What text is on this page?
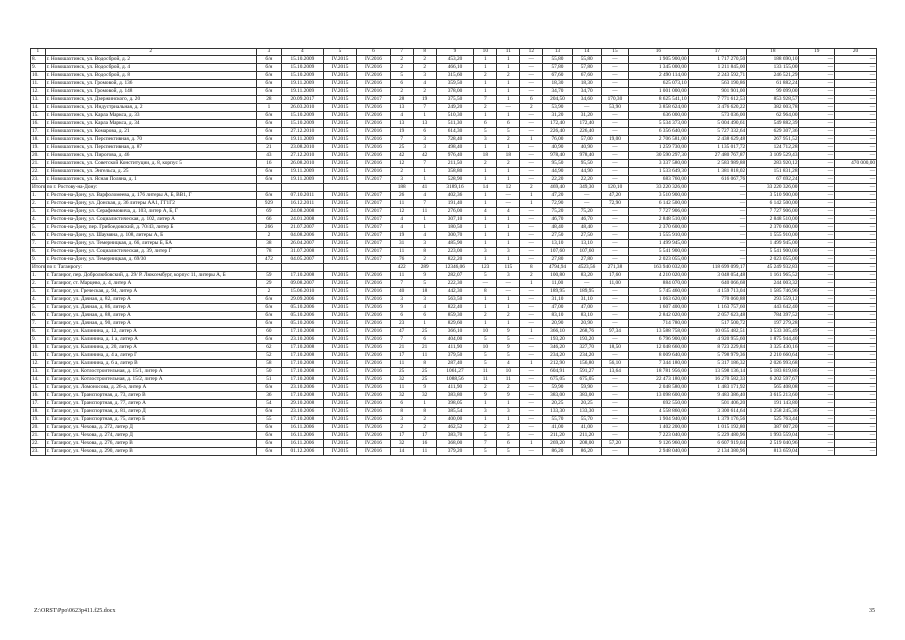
1	2	3	4	5	6	7	8	9	10	11	12	13	14	15	16	17	18	19	20
8.	г. Новошахтинск, ул. Водосброй, д. 2	б/н	15.10.2009	IV.2015	IV.2016	2	2	453,20	1	1	—	55,80	55,80	—	1 905 900,00	1 717 270,50	188 690,10	—	—
9.	г. Новошахтинск, ул. Водосброй, д. 4	б/н	15.10.2009	IV.2015	IV.2016	2	2	466,10	1	1	—	57,80	57,80	—	1 345 000,00	1 211 845,00	133 155,00	—	—
10.	г. Новошахтинск, ул. Водосброй, д. 8	б/н	15.10.2009	IV.2015	IV.2016	5	3	315,60	2	2	—	67,60	67,60	—	2 490 114,00	2 243 592,71	246 521,29	—	—
11.	г. Новошахтинск, ул. Громовой, д. 136	б/н	19.11.2009	IV.2015	IV.2016	6	4	359,50	1	1	—	18,30	18,30	—	625 073,10	563 190,86	61 882,24	—	—
12.	г. Новошахтинск, ул. Громовой, д. 148	б/н	19.11.2009	IV.2015	IV.2016	2	2	378,00	1	1	—	34,70	34,70	—	1 001 000,00	901 901,00	99 099,00	—	—
13.	г. Новошахтинск, ул. Дзержинского, д. 20	28	20.09.2017	IV.2015	IV.2017	28	19	375,50	7	1	6	204,50	34,60	170,30	8 625 541,10	7 771 612,53	853 928,57	—	—
14.	г. Новошахтинск, ул. Индустриальная, д. 2	1	26.03.2010	IV.2015	IV.2016	13	7	249,20	2	—	2	53,90	—	53,90	3 858 624,00	3 476 620,22	382 003,78	—	—
15.	г. Новошахтинск, ул. Карла Маркса, д. 33	б/н	15.10.2009	IV.2015	IV.2016	4	1	510,30	1	1	—	31,20	31,20	—	636 000,00	573 036,00	62 964,00	—	—
16.	г. Новошахтинск, ул. Карла Маркса, д. 34	б/н	15.10.2009	IV.2015	IV.2016	13	13	511,30	6	6	—	172,40	172,40	—	5 534 373,00	5 004 490,61	549 882,39	—	—
17.	г. Новошахтинск, ул. Комарова, д. 21	б/н	27.12.2010	IV.2015	IV.2016	19	6	614,30	5	5	—	226,40	226,40	—	6 356 640,00	5 727 332,64	629 307,36	—	—
18.	г. Новошахтинск, ул. Перспективная, д. 70	б/н	19.11.2009	IV.2015	IV.2016	7	3	728,40	3	2	1	76,00	57,00	19,00	2 706 581,00	2 438 629,48	267 951,52	—	—
19.	г. Новошахтинск, ул. Перспективная, д. 87	21	23.08.2010	IV.2015	IV.2016	25	3	498,40	1	1	—	40,90	40,90	—	1 259 730,00	1 135 017,72	124 712,28	—	—
20.	г. Новошахтинск, ул. Пирогова, д. 46	43	27.12.2010	IV.2015	IV.2016	42	42	976,40	18	18	—	978,40	978,40	—	30 590 297,30	27 480 767,87	3 109 529,43	—	—
21.	г. Новошахтинск, ул. Советской Конституции, д. 8, корпус 5	16	26.08.2010	IV.2015	IV.2016	12	7	211,50	2	2	—	95,50	95,50	—	3 337 580,00	2 583 989,88	283 920,12	—	470 000,00
22.	г. Новошахтинск, ул. Энгельса, д. 25	б/н	19.11.2009	IV.2015	IV.2016	2	1	358,80	1	1	—	44,90	44,90	—	1 533 649,30	1 381 818,02	151 831,28	—	—
23.	г. Новошахтинск, ул. Ясная Поляна, д. 1	б/н	19.11.2009	IV.2015	IV.2017	3	1	528,90	1	1	—	22,20	22,20	—	683 760,00	616 067,76	67 692,24	—	—
Итого по г. Ростову-на-Дону:						188	41	3189,16	14	12	2	469,40	349,30	120,10	33 220 326,00	—	33 220 326,00	—	—
1.	г. Ростов-на-Дону, ул. Варфоломеева, д. 176 литеры А, Б, ВВ1, Г	б/н	07.10.2011	IV.2015	IV.2017	26	4	402,36	1	—	1	47,20	—	47,20	3 510 900,00	—	3 510 900,00	—	—
2.	г. Ростов-на-Дону, ул. Донская, д. 36 литеры АА1, ГГ1Г2	929	16.12.2011	IV.2015	IV.2017	11	7	191,40	1	—	1	72,90	—	72,90	6 142 500,00	—	6 142 500,00	—	—
3.	г. Ростов-на-Дону, ул. Серафимовича, д. 103, литер А, Б, Г	69	24.08.2008	IV.2015	IV.2017	12	11	276,00	4	4	—	75,20	75,20	—	7 727 906,00	—	7 727 906,00	—	—
4.	г. Ростов-на-Дону, ул. Социалистическая, д. 102, литер А	66	24.01.2008	IV.2015	IV.2017	4	1	307,10	1	1	—	46,70	46,70	—	2 848 510,00	—	2 848 510,00	—	—
5.	г. Ростов-на-Дону, пер. Грибоедовский, д. 70/43, литер Б	266	21.07.2007	IV.2015	IV.2017	4	1	180,50	1	1	—	48,40	48,40	—	2 370 600,00	—	2 370 600,00	—	—
6.	г. Ростов-на-Дону, ул. Шаумяна, д. 108, литеры А, Б	2	04.08.2006	IV.2015	IV.2017	19	4	300,70	1	1	—	27,50	27,50	—	1 555 910,00	—	1 555 910,00	—	—
7.	г. Ростов-на-Дону, ул. Темерницкая, д. 66, литеры Б, БА	38	26.04.2007	IV.2015	IV.2017	31	3	485,90	1	1	—	13,10	13,10	—	1 499 945,00	—	1 499 945,00	—	—
8.	г. Ростов-на-Дону, ул. Социалистическая, д. 39, литер Г	78	31.07.2008	IV.2015	IV.2017	11	8	223,00	3	3	—	107,60	107,60	—	5 541 900,00	—	5 541 900,00	—	—
9.	г. Ростов-на-Дону, ул. Темерницкая, д. 69/30	472	04.05.2007	IV.2015	IV.2017	76	2	822,20	1	1	—	27,80	27,80	—	2 023 055,00	—	2 023 055,00	—	—
Итого по г. Таганрогу:						422	289	12346,06	123	115	8	4794,94	4523,56	271,38	163 940 032,00	118 699 099,17	45 249 932,83	—	—
1.	г. Таганрог, пер. Добролюбовский, д. 29/ Р. Люксембург, корпус 11, литеры А, Б	59	17.10.2008	IV.2015	IV.2016	11	9	282,07	5	3	2	100,80	83,20	17,60	4 210 020,00	3 048 054,48	1 161 965,52	—	—
2.	г. Таганрог, ст. Марцево, д. 4, литер А	29	09.08.2007	IV.2015	IV.2016	7	5	222,30	—	—	1	11,00	—	11,00	884 070,00	640 066,68	244 003,32	—	—
3.	г. Таганрог, ул. Греческая, д. 94, литер А	2	15.06.2010	IV.2015	IV.2016	40	18	442,30	8	—	—	189,95	189,95	—	5 745 460,00	4 159 713,04	1 585 746,96	—	—
4.	г. Таганрог, ул. Дачная, д. 82, литер А	б/н	29.09.2006	IV.2015	IV.2016	3	3	563,50	1	1	—	31,10	31,10	—	1 063 620,00	770 060,88	293 559,12	—	—
5.	г. Таганрог, ул. Дачная, д. 86, литер А	б/н	05.10.2006	IV.2015	IV.2016	9	4	822,40	1	1	—	47,00	47,00	—	1 607 400,00	1 163 757,60	443 642,40	—	—
6.	г. Таганрог, ул. Дачная, д. 88, литер А	б/н	05.10.2006	IV.2015	IV.2016	6	6	859,30	2	2	—	83,10	83,10	—	2 842 020,00	2 057 623,48	784 397,52	—	—
7.	г. Таганрог, ул. Дачная, д. 90, литер А	б/н	05.10.2006	IV.2015	IV.2016	23	1	829,60	1	1	—	20,90	20,90	—	714 780,00	517 500,72	197 279,28	—	—
8.	г. Таганрог, ул. Калинина, д. 12, литер А	60	17.10.2008	IV.2015	IV.2016	47	25	366,10	10	9	1	366,10	268,76	97,34	13 588 758,00	10 055 482,51	3 533 305,49	—	—
9.	г. Таганрог, ул. Калинина, д. 1 а, литер А	б/н	23.10.2006	IV.2015	IV.2016	7	6	404,00	5	5	—	193,20	193,20	—	6 796 900,00	4 920 955,60	1 875 944,40	—	—
10.	г. Таганрог, ул. Калинина, д. 20, литер А	62	17.10.2008	IV.2015	IV.2016	21	21	411,90	10	9	—	346,20	327,70	18,50	12 048 660,00	8 723 229,84	3 325 430,16	—	—
11.	г. Таганрог, ул. Калинина, д. 4 а, литер Г	52	17.10.2008	IV.2015	IV.2016	17	11	379,50	5	5	—	234,20	234,20	—	8 009 640,00	5 798 979,36	2 210 660,64	—	—
12.	г. Таганрог, ул. Калинина, д. 6 а, литер В	58	17.10.2008	IV.2015	IV.2016	11	8	287,40	5	4	1	212,90	156,80	56,10	7 344 180,00	5 317 186,32	2 026 993,68	—	—
13.	г. Таганрог, ул. Котлостроительная, д. 15/1, литер А	50	17.10.2008	IV.2015	IV.2016	25	25	1061,27	11	10	—	604,91	591,27	13,64	18 781 956,00	13 598 136,14	5 183 819,86	—	—
14.	г. Таганрог, ул. Котлостроительная, д. 15/2, литер А	51	17.10.2008	IV.2015	IV.2016	32	25	1088,56	11	11	—	675,05	675,05	—	22 473 180,00	16 270 582,33	6 202 597,67	—	—
15.	г. Таганрог, ул. Ломоносова, д. 26-а, литер А	б/н	23.10.2006	IV.2015	IV.2016	11	9	411,90	2	2	—	59,90	59,90	—	2 048 580,00	1 483 171,92	565 408,08	—	—
16.	г. Таганрог, ул. Транспортная, д. 73, литер В	36	17.10.2008	IV.2015	IV.2016	32	32	383,80	9	9	—	383,00	383,00	—	13 098 600,00	9 483 386,40	3 615 213,60	—	—
17.	г. Таганрог, ул. Транспортная, д. 77, литер А	54	29.10.2008	IV.2015	IV.2016	6	1	398,05	1	1	—	20,25	20,25	—	692 550,00	501 406,20	191 143,80	—	—
18.	г. Таганрог, ул. Транспортная, д. 81, литер Д	б/н	23.10.2006	IV.2015	IV.2016	8	8	385,54	3	3	—	133,30	133,30	—	4 558 860,00	3 300 614,64	1 258 245,36	—	—
19.	г. Таганрог, ул. Транспортная, д. 75, литер Б	55	17.10.2008	IV.2015	IV.2016	3	2	400,00	1	1	—	55,70	55,70	—	1 904 940,00	1 379 176,56	525 763,44	—	—
20.	г. Таганрог, ул. Чехова, д. 272, литер Д	б/н	16.11.2006	IV.2015	IV.2016	2	2	462,52	2	2	—	41,00	41,00	—	1 402 200,00	1 015 192,80	387 007,20	—	—
21.	г. Таганрог, ул. Чехова, д. 274, литер Д	б/н	16.11.2006	IV.2015	IV.2016	17	17	383,70	5	5	—	211,20	211,20	—	7 223 040,00	5 229 480,96	1 993 559,04	—	—
22.	г. Таганрог, ул. Чехова, д. 276, литер В	б/н	16.11.2006	IV.2015	IV.2016	32	16	368,00	7	6	1	269,20	208,00	57,20	9 126 960,00	6 607 919,04	2 519 040,96	—	—
23.	г. Таганрог, ул. Чехова, д. 290, литер В	б/н	01.12.2006	IV.2015	IV.2016	14	11	379,20	5	5	—	86,20	86,20	—	2 948 040,00	2 134 380,96	813 659,04	—	—
Z:\ORST\Ppo\0623p411.f25.docx	35
